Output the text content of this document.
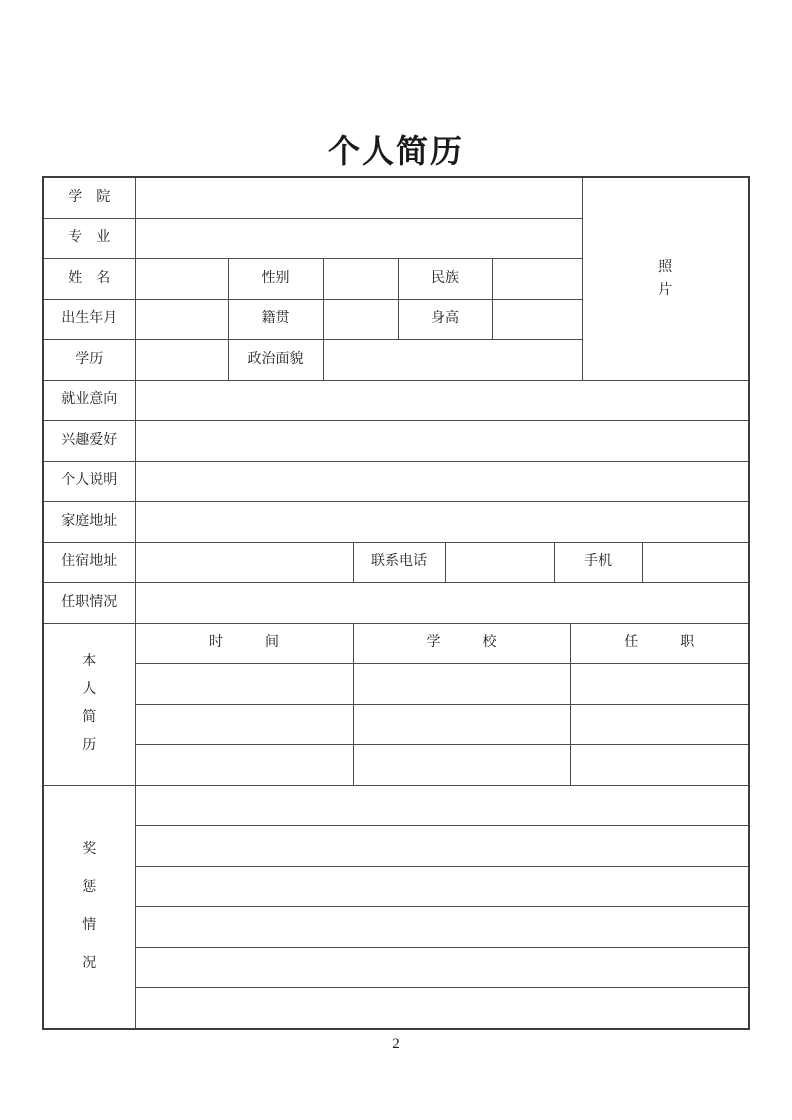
个人简历
学　院										照片	

专　业											
姓　名		性别			民族						
出生年月		籍贯			身高						
学历		政治面貌									
就业意向											
兴趣爱好											
个人说明											
家庭地址											
住宿地址				联系电话				手机			
任职情况											

本人简历	时　　　间			学　　　校					任　　　职		

奖惩情况											

2
